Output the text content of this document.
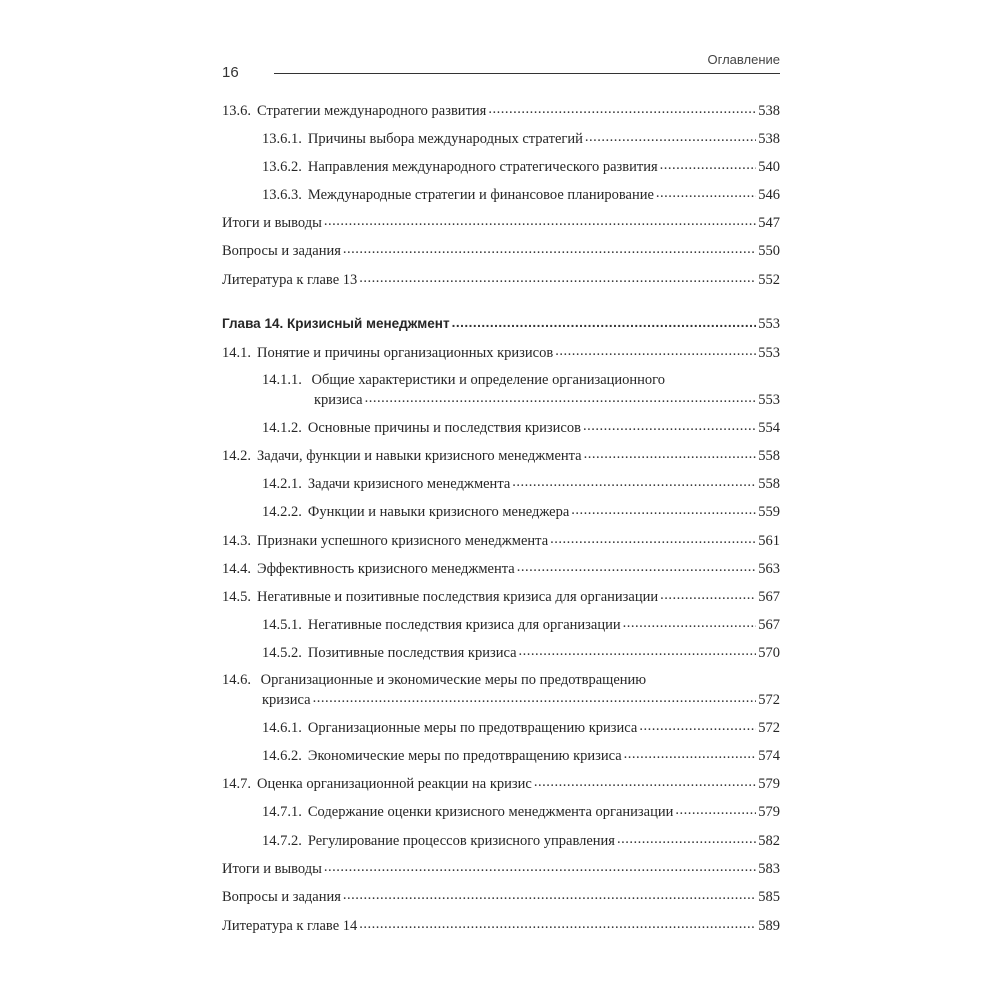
16
Оглавление
13.6. Стратегии международного развития .....	538
13.6.1. Причины выбора международных стратегий .....	538
13.6.2. Направления международного стратегического развития .....	540
13.6.3. Международные стратегии и финансовое планирование .....	546
Итоги и выводы .....	547
Вопросы и задания .....	550
Литература к главе 13 .....	552
Глава 14. Кризисный менеджмент .....	553
14.1. Понятие и причины организационных кризисов .....	553
14.1.1. Общие характеристики и определение организационного
кризиса .....	553
14.1.2. Основные причины и последствия кризисов .....	554
14.2. Задачи, функции и навыки кризисного менеджмента .....	558
14.2.1. Задачи кризисного менеджмента .....	558
14.2.2. Функции и навыки кризисного менеджера .....	559
14.3. Признаки успешного кризисного менеджмента .....	561
14.4. Эффективность кризисного менеджмента .....	563
14.5. Негативные и позитивные последствия кризиса для организации .....	567
14.5.1. Негативные последствия кризиса для организации .....	567
14.5.2. Позитивные последствия кризиса .....	570
14.6. Организационные и экономические меры по предотвращению
кризиса .....	572
14.6.1. Организационные меры по предотвращению кризиса .....	572
14.6.2. Экономические меры по предотвращению кризиса .....	574
14.7. Оценка организационной реакции на кризис .....	579
14.7.1. Содержание оценки кризисного менеджмента организации .....	579
14.7.2. Регулирование процессов кризисного управления .....	582
Итоги и выводы .....	583
Вопросы и задания .....	585
Литература к главе 14 .....	589
